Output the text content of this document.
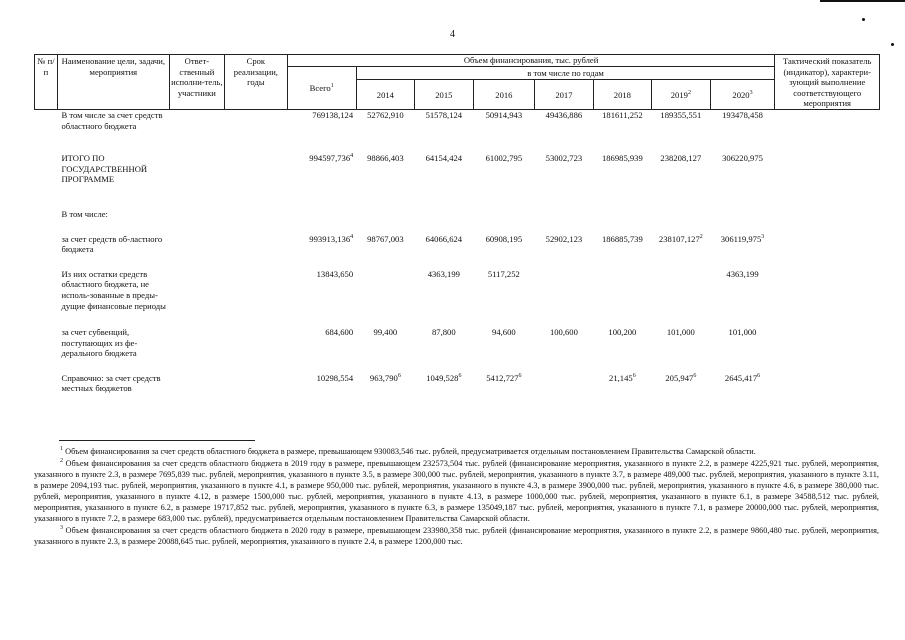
4
№ п/п	Наименование цели, задачи, мероприятия	Ответ-ственный исполни-тель, участники	Срок реализации, годы	Объем финансирования, тыс. рублей								Тактический показатель (индикатор), характери-зующий выполнение соответствующего мероприятия
				Всего$^1$	в том числе по годам							
					2014	2015	2016	2017	2018	2019$^2$	2020$^3$
	В том числе за счет средств областного бюджета			769138,124	52762,910	51578,124	50914,943	49436,886	181611,252	189355,551	193478,458	

	ИТОГО ПО ГОСУДАРСТВЕННОЙ ПРОГРАММЕ			994597,736$^4$	98866,403	64154,424	61002,795	53002,723	186985,939	238208,127	306220,975	

	В том числе:											

	за счет средств об-ластного бюджета			993913,136$^4$	98767,003	64066,624	60908,195	52902,123	186885,739	238107,127$^2$	306119,975$^3$	

	Из них остатки средств областного бюджета, не исполь-зованные в преды-дущие финансовые периоды			13843,650		4363,199	5117,252				4363,199	

	за счет субвенций, поступающих из фе-дерального бюджета			684,600	99,400	87,800	94,600	100,600	100,200	101,000	101,000	

	Справочно: за счет средств местных бюджетов			10298,554	963,790$^6$	1049,528$^6$	5412,727$^6$		21,145$^6$	205,947$^6$	2645,417$^6$	

$^1$ Объем финансирования за счет средств областного бюджета в размере, превышающем 930083,546 тыс. рублей, предусматривается отдельным постановлением Правительства Самарской области.

$^2$ Объем финансирования за счет средств областного бюджета в 2019 году в размере, превышающем 232573,504 тыс. рублей (финансирование мероприятия, указанного в пункте 2.2, в размере 4225,921 тыс. рублей, мероприятия, указанного в пункте 2.3, в размере 7695,839 тыс. рублей, мероприятия, указанного в пункте 3.5, в размере 300,000 тыс. рублей, мероприятия, указанного в пункте 3.7, в размере 489,000 тыс. рублей, мероприятия, указанного в пункте 3.11, в размере 2094,193 тыс. рублей, мероприятия, указанного в пункте 4.1, в размере 950,000 тыс. рублей, мероприятия, указанного в пункте 4.3, в размере 3900,000 тыс. рублей, мероприятия, указанного в пункте 4.6, в размере 380,000 тыс. рублей, мероприятия, указанного в пункте 4.12, в размере 1500,000 тыс. рублей, мероприятия, указанного в пункте 4.13, в размере 1000,000 тыс. рублей, мероприятия, указанного в пункте 6.1, в размере 34588,512 тыс. рублей, мероприятия, указанного в пункте 6.2, в размере 19717,852 тыс. рублей, мероприятия, указанного в пункте 6.3, в размере 135049,187 тыс. рублей, мероприятия, указанного в пункте 7.1, в размере 20000,000 тыс. рублей, мероприятия, указанного в пункте 7.2, в размере 683,000 тыс. рублей), предусматривается отдельным постановлением Правительства Самарской области.

$^3$ Объем финансирования за счет средств областного бюджета в 2020 году в размере, превышающем 233980,358 тыс. рублей (финансирование мероприятия, указанного в пункте 2.2, в размере 9860,480 тыс. рублей, мероприятия, указанного в пункте 2.3, в размере 20088,645 тыс. рублей, мероприятия, указанного в пункте 2.4, в размере 1200,000 тыс.
